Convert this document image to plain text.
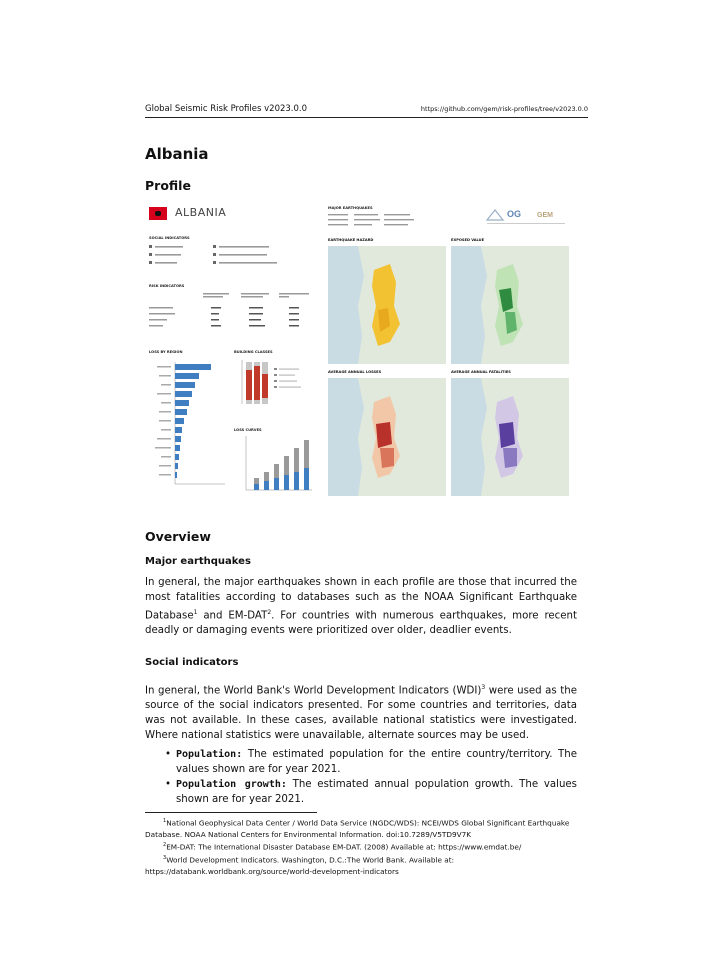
Global Seismic Risk Profiles v2023.0.0	https://github.com/gem/risk-profiles/tree/v2023.0.0
Albania
Profile
ALBANIA
SOCIAL INDICATORS
RISK INDICATORS
LOSS BY REGION	BUILDING CLASSES
LOSS CURVES
MAJOR EARTHQUAKES
OG GEM
EARTHQUAKE HAZARD	EXPOSED VALUE
AVERAGE ANNUAL LOSSES	AVERAGE ANNUAL FATALITIES
Overview
Major earthquakes

In general, the major earthquakes shown in each profile are those that incurred the most fatalities according to databases such as the NOAA Significant Earthquake Database$^1$ and EM-DAT$^2$. For countries with numerous earthquakes, more recent deadly or damaging events were prioritized over older, deadlier events.

Social indicators

In general, the World Bank's World Development Indicators (WDI)$^3$ were used as the source of the social indicators presented. For some countries and territories, data was not available. In these cases, available national statistics were investigated. Where national statistics were unavailable, alternate sources may be used.

• Population: The estimated population for the entire country/territory. The values shown are for year 2021.
• Population growth: The estimated annual population growth. The values shown are for year 2021.

$^1$National Geophysical Data Center / World Data Service (NGDC/WDS): NCEI/WDS Global Significant Earthquake Database. NOAA National Centers for Environmental Information. doi:10.7289/V5TD9V7K

$^2$EM-DAT: The International Disaster Database EM-DAT. (2008) Available at: https://www.emdat.be/

$^3$World Development Indicators. Washington, D.C.:The World Bank. Available at: https://databank.worldbank.org/source/world-development-indicators
